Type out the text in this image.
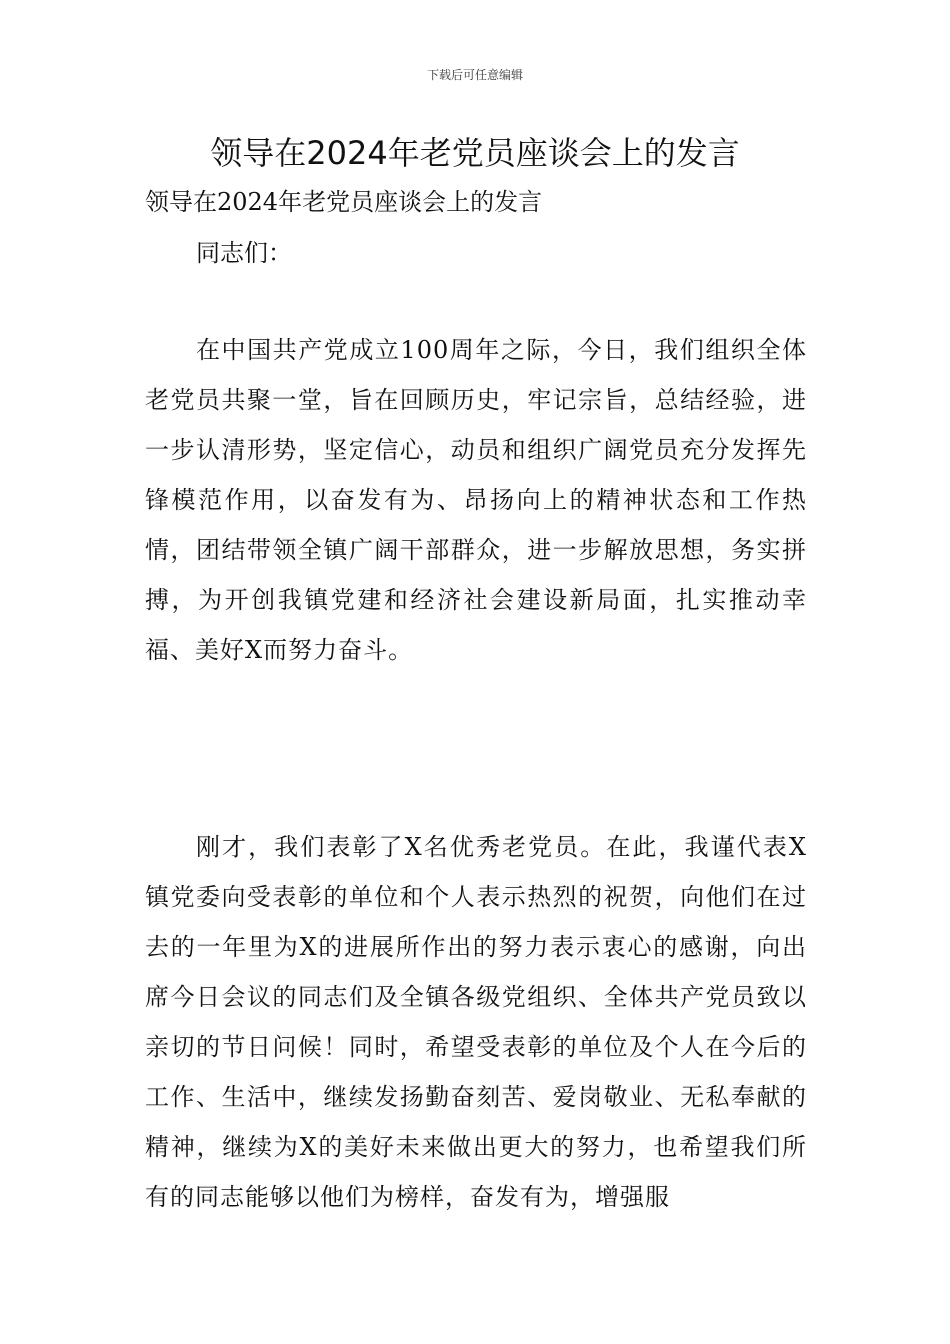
下载后可任意编辑
领导在2024年老党员座谈会上的发言
领导在2024年老党员座谈会上的发言
同志们：

在中国共产党成立100周年之际，今日，我们组织全体老党员共聚一堂，旨在回顾历史，牢记宗旨，总结经验，进一步认清形势，坚定信心，动员和组织广阔党员充分发挥先锋模范作用，以奋发有为、昂扬向上的精神状态和工作热情，团结带领全镇广阔干部群众，进一步解放思想，务实拼搏，为开创我镇党建和经济社会建设新局面，扎实推动幸福、美好X而努力奋斗。

刚才，我们表彰了X名优秀老党员。在此，我谨代表X镇党委向受表彰的单位和个人表示热烈的祝贺，向他们在过去的一年里为X的进展所作出的努力表示衷心的感谢，向出席今日会议的同志们及全镇各级党组织、全体共产党员致以亲切的节日问候！同时，希望受表彰的单位及个人在今后的工作、生活中，继续发扬勤奋刻苦、爱岗敬业、无私奉献的精神，继续为X的美好未来做出更大的努力，也希望我们所有的同志能够以他们为榜样，奋发有为，增强服
